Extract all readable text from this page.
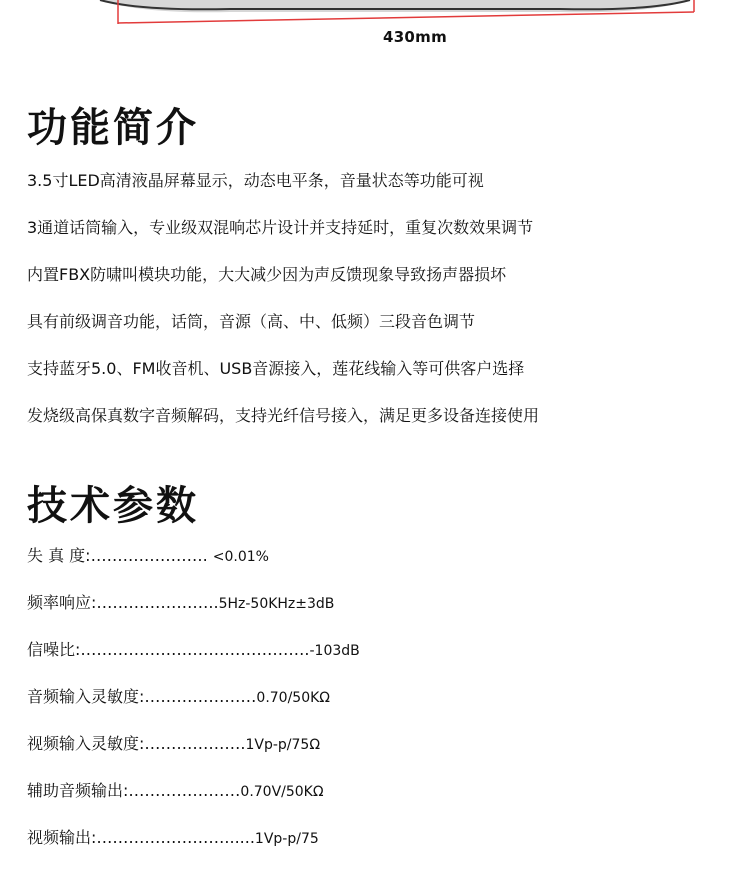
430mm
功能简介
3.5寸LED高清液晶屏幕显示，动态电平条，音量状态等功能可视
3通道话筒输入，专业级双混响芯片设计并支持延时，重复次数效果调节
内置FBX防啸叫模块功能，大大减少因为声反馈现象导致扬声器损坏
具有前级调音功能，话筒，音源（高、中、低频）三段音色调节
支持蓝牙5.0、FM收音机、USB音源接入，莲花线输入等可供客户选择
发烧级高保真数字音频解码，支持光纤信号接入，满足更多设备连接使用
技术参数
失 真 度:…………………. <0.01%
频率响应:…………………..5Hz-50KHz±3dB
信噪比:…………………………………….-103dB
音频输入灵敏度:…………………0.70/50KΩ
视频输入灵敏度:……………….1Vp-p/75Ω
辅助音频输出:…………………0.70V/50KΩ
视频输出:……………………......1Vp-p/75
